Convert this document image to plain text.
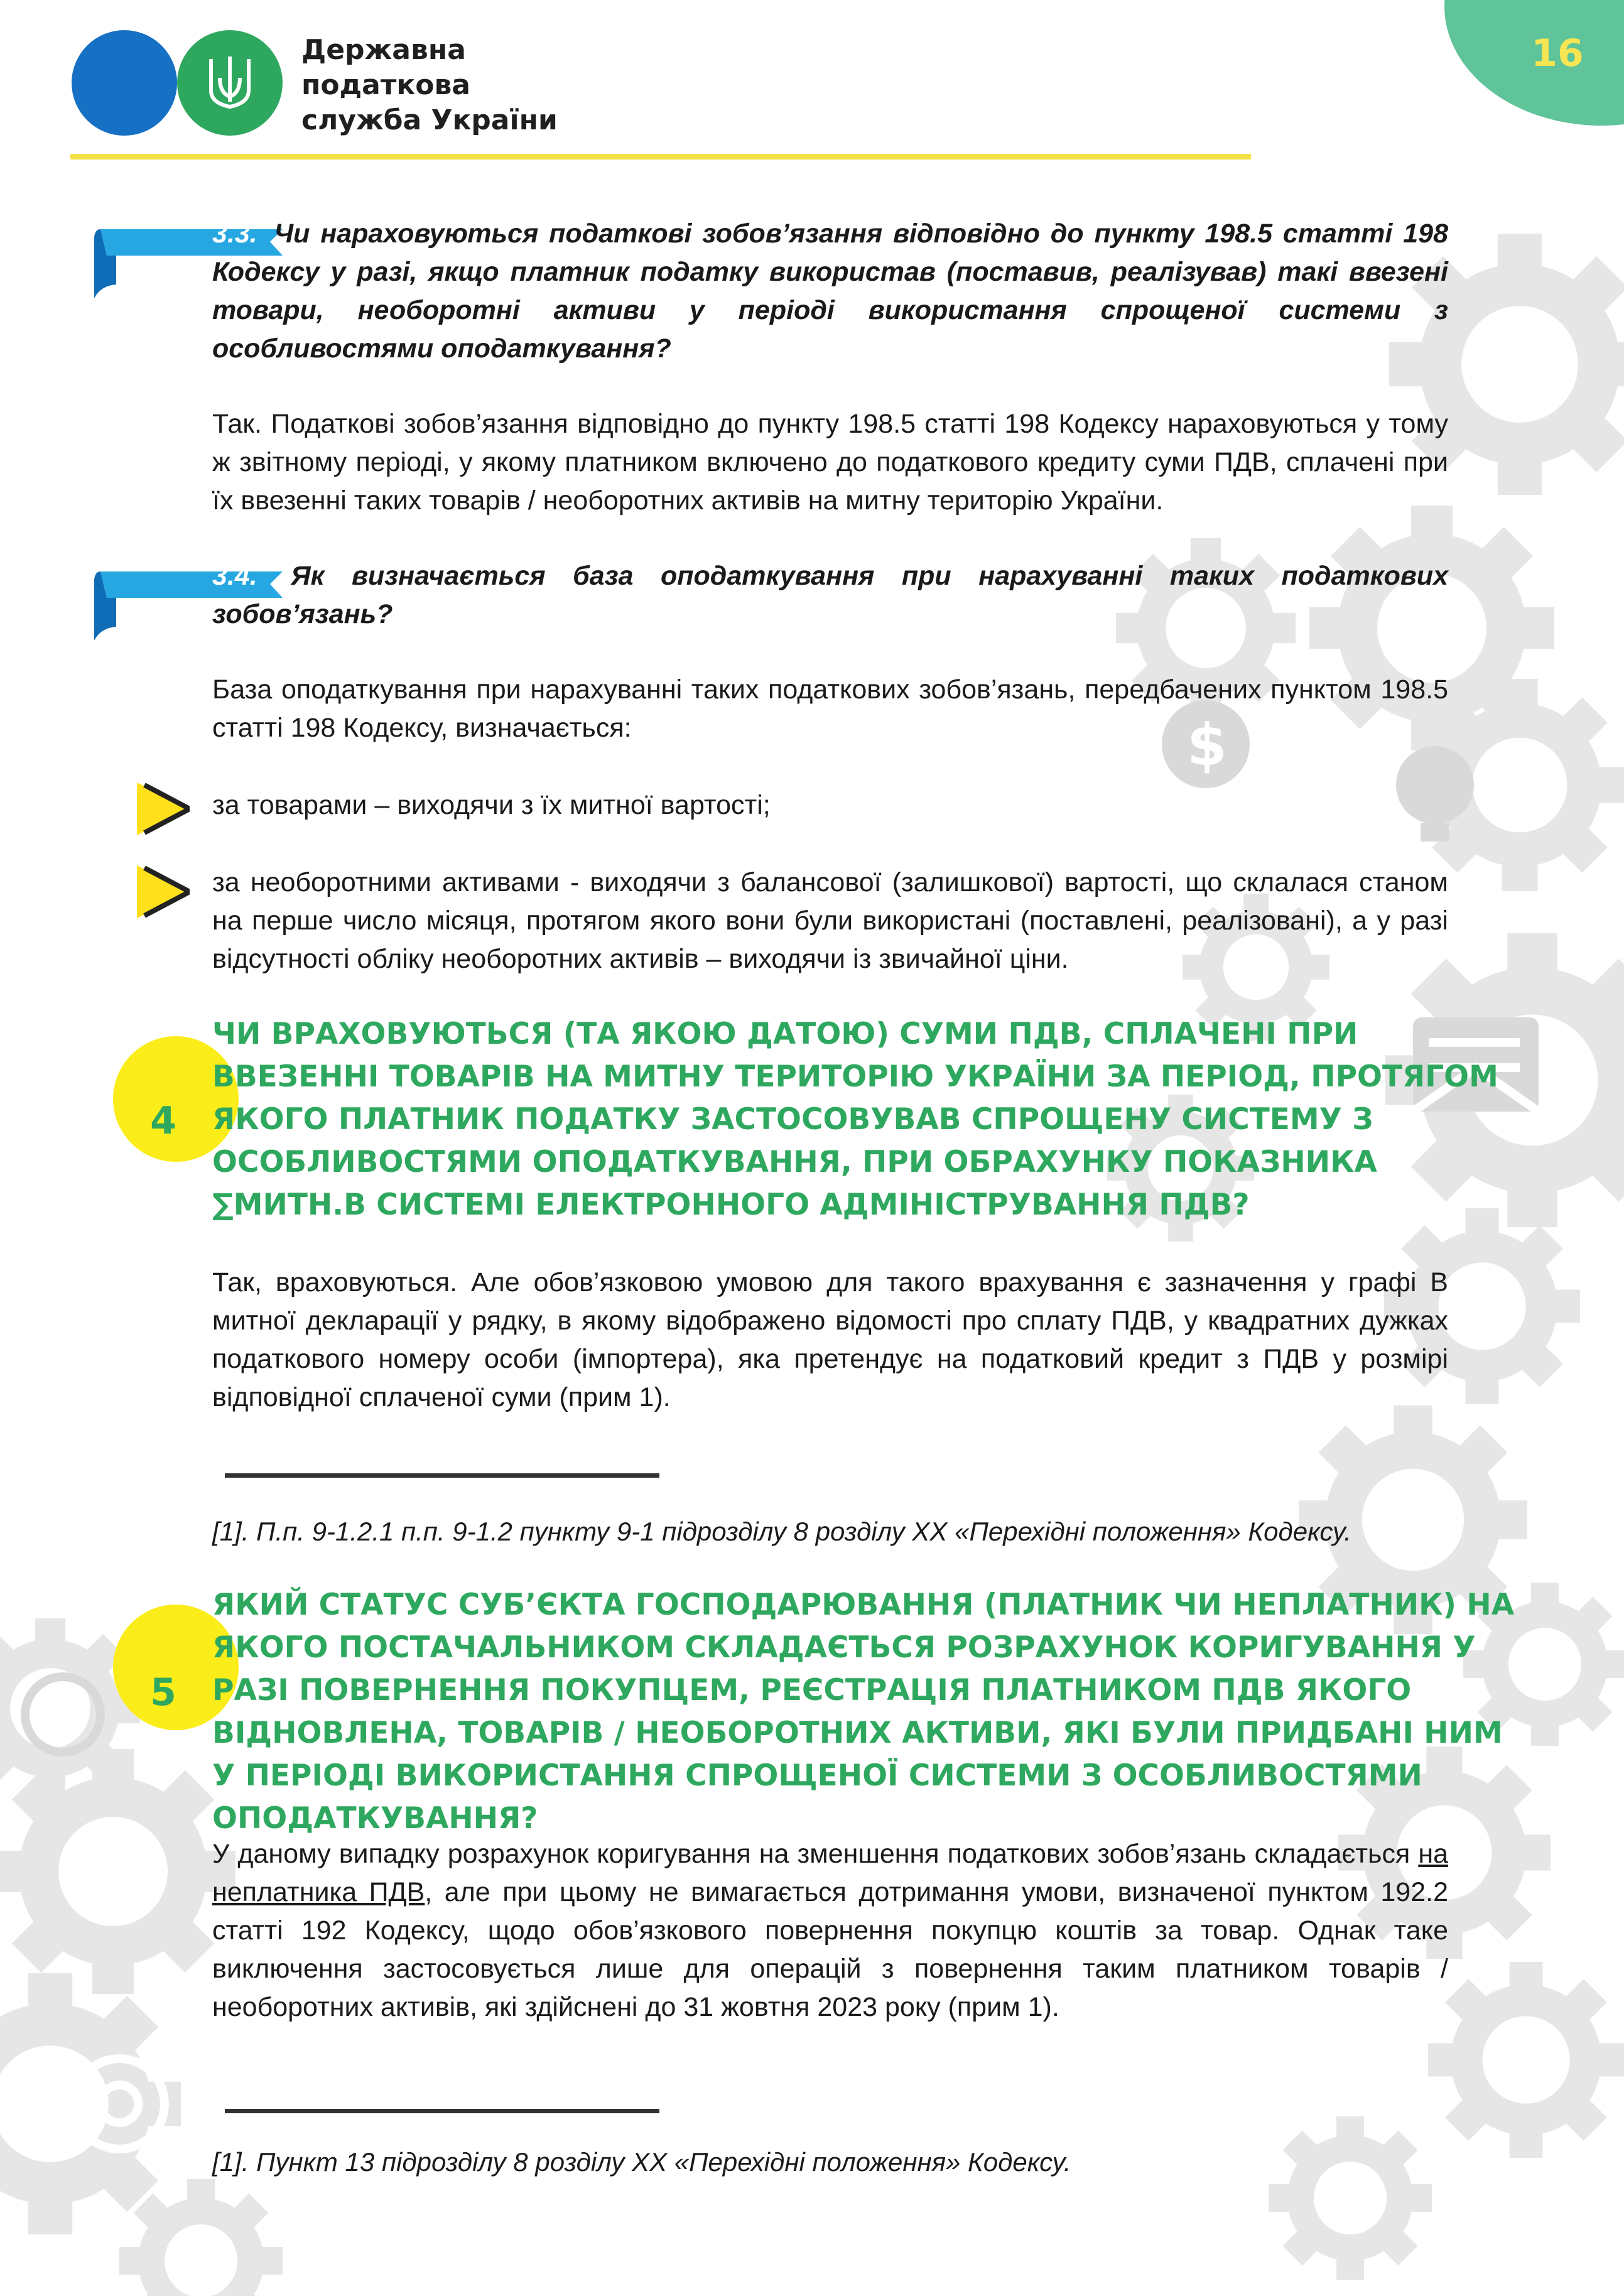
$
Державна
податкова
служба України
16
3.3. Чи нараховуються податкові зобов’язання відповідно до пункту 198.5 статті 198 Кодексу у разі, якщо платник податку використав (поставив, реалізував) такі ввезені товари, необоротні активи у періоді використання спрощеної системи з особливостями оподаткування?
Так. Податкові зобов’язання відповідно до пункту 198.5 статті 198 Кодексу нараховуються у тому ж звітному періоді, у якому платником включено до податкового кредиту суми ПДВ, сплачені при їх ввезенні таких товарів / необоротних активів на митну територію України.
3.4. Як визначається база оподаткування при нарахуванні таких податкових зобов’язань?
База оподаткування при нарахуванні таких податкових зобов’язань, передбачених пунктом 198.5 статті 198 Кодексу, визначається:
за товарами – виходячи з їх митної вартості;
за необоротними активами - виходячи з балансової (залишкової) вартості, що склалася станом на перше число місяця, протягом якого вони були використані (поставлені, реалізовані), а у разі відсутності обліку необоротних активів – виходячи із звичайної ціни.
4
ЧИ ВРАХОВУЮТЬСЯ (ТА ЯКОЮ ДАТОЮ) СУМИ ПДВ, СПЛАЧЕНІ ПРИ ВВЕЗЕННІ ТОВАРІВ НА МИТНУ ТЕРИТОРІЮ УКРАЇНИ ЗА ПЕРІОД, ПРОТЯГОМ ЯКОГО ПЛАТНИК ПОДАТКУ ЗАСТОСОВУВАВ СПРОЩЕНУ СИСТЕМУ З ОСОБЛИВОСТЯМИ ОПОДАТКУВАННЯ, ПРИ ОБРАХУНКУ ПОКАЗНИКА ∑МИТН.В СИСТЕМІ ЕЛЕКТРОННОГО АДМІНІСТРУВАННЯ ПДВ?
Так, враховуються. Але обов’язковою умовою для такого врахування є зазначення у графі В митної декларації у рядку, в якому відображено відомості про сплату ПДВ, у квадратних дужках податкового номеру особи (імпортера), яка претендує на податковий кредит з ПДВ у розмірі відповідної сплаченої суми (прим 1).
[1]. П.п. 9-1.2.1 п.п. 9-1.2 пункту 9-1 підрозділу 8 розділу ХХ «Перехідні положення» Кодексу.
5
ЯКИЙ СТАТУС СУБ’ЄКТА ГОСПОДАРЮВАННЯ (ПЛАТНИК ЧИ НЕПЛАТНИК) НА ЯКОГО ПОСТАЧАЛЬНИКОМ СКЛАДАЄТЬСЯ РОЗРАХУНОК КОРИГУВАННЯ У РАЗІ ПОВЕРНЕННЯ ПОКУПЦЕМ, РЕЄСТРАЦІЯ ПЛАТНИКОМ ПДВ ЯКОГО ВІДНОВЛЕНА, ТОВАРІВ / НЕОБОРОТНИХ АКТИВИ, ЯКІ БУЛИ ПРИДБАНІ НИМ У ПЕРІОДІ ВИКОРИСТАННЯ СПРОЩЕНОЇ СИСТЕМИ З ОСОБЛИВОСТЯМИ ОПОДАТКУВАННЯ?
У даному випадку розрахунок коригування на зменшення податкових зобов’язань складається на неплатника ПДВ, але при цьому не вимагається дотримання умови, визначеної пунктом 192.2 статті 192 Кодексу, щодо обов’язкового повернення покупцю коштів за товар. Однак таке виключення застосовується лише для операцій з повернення таким платником товарів / необоротних активів, які здійснені до 31 жовтня 2023 року (прим 1).
[1]. Пункт 13 підрозділу 8 розділу ХХ «Перехідні положення» Кодексу.
